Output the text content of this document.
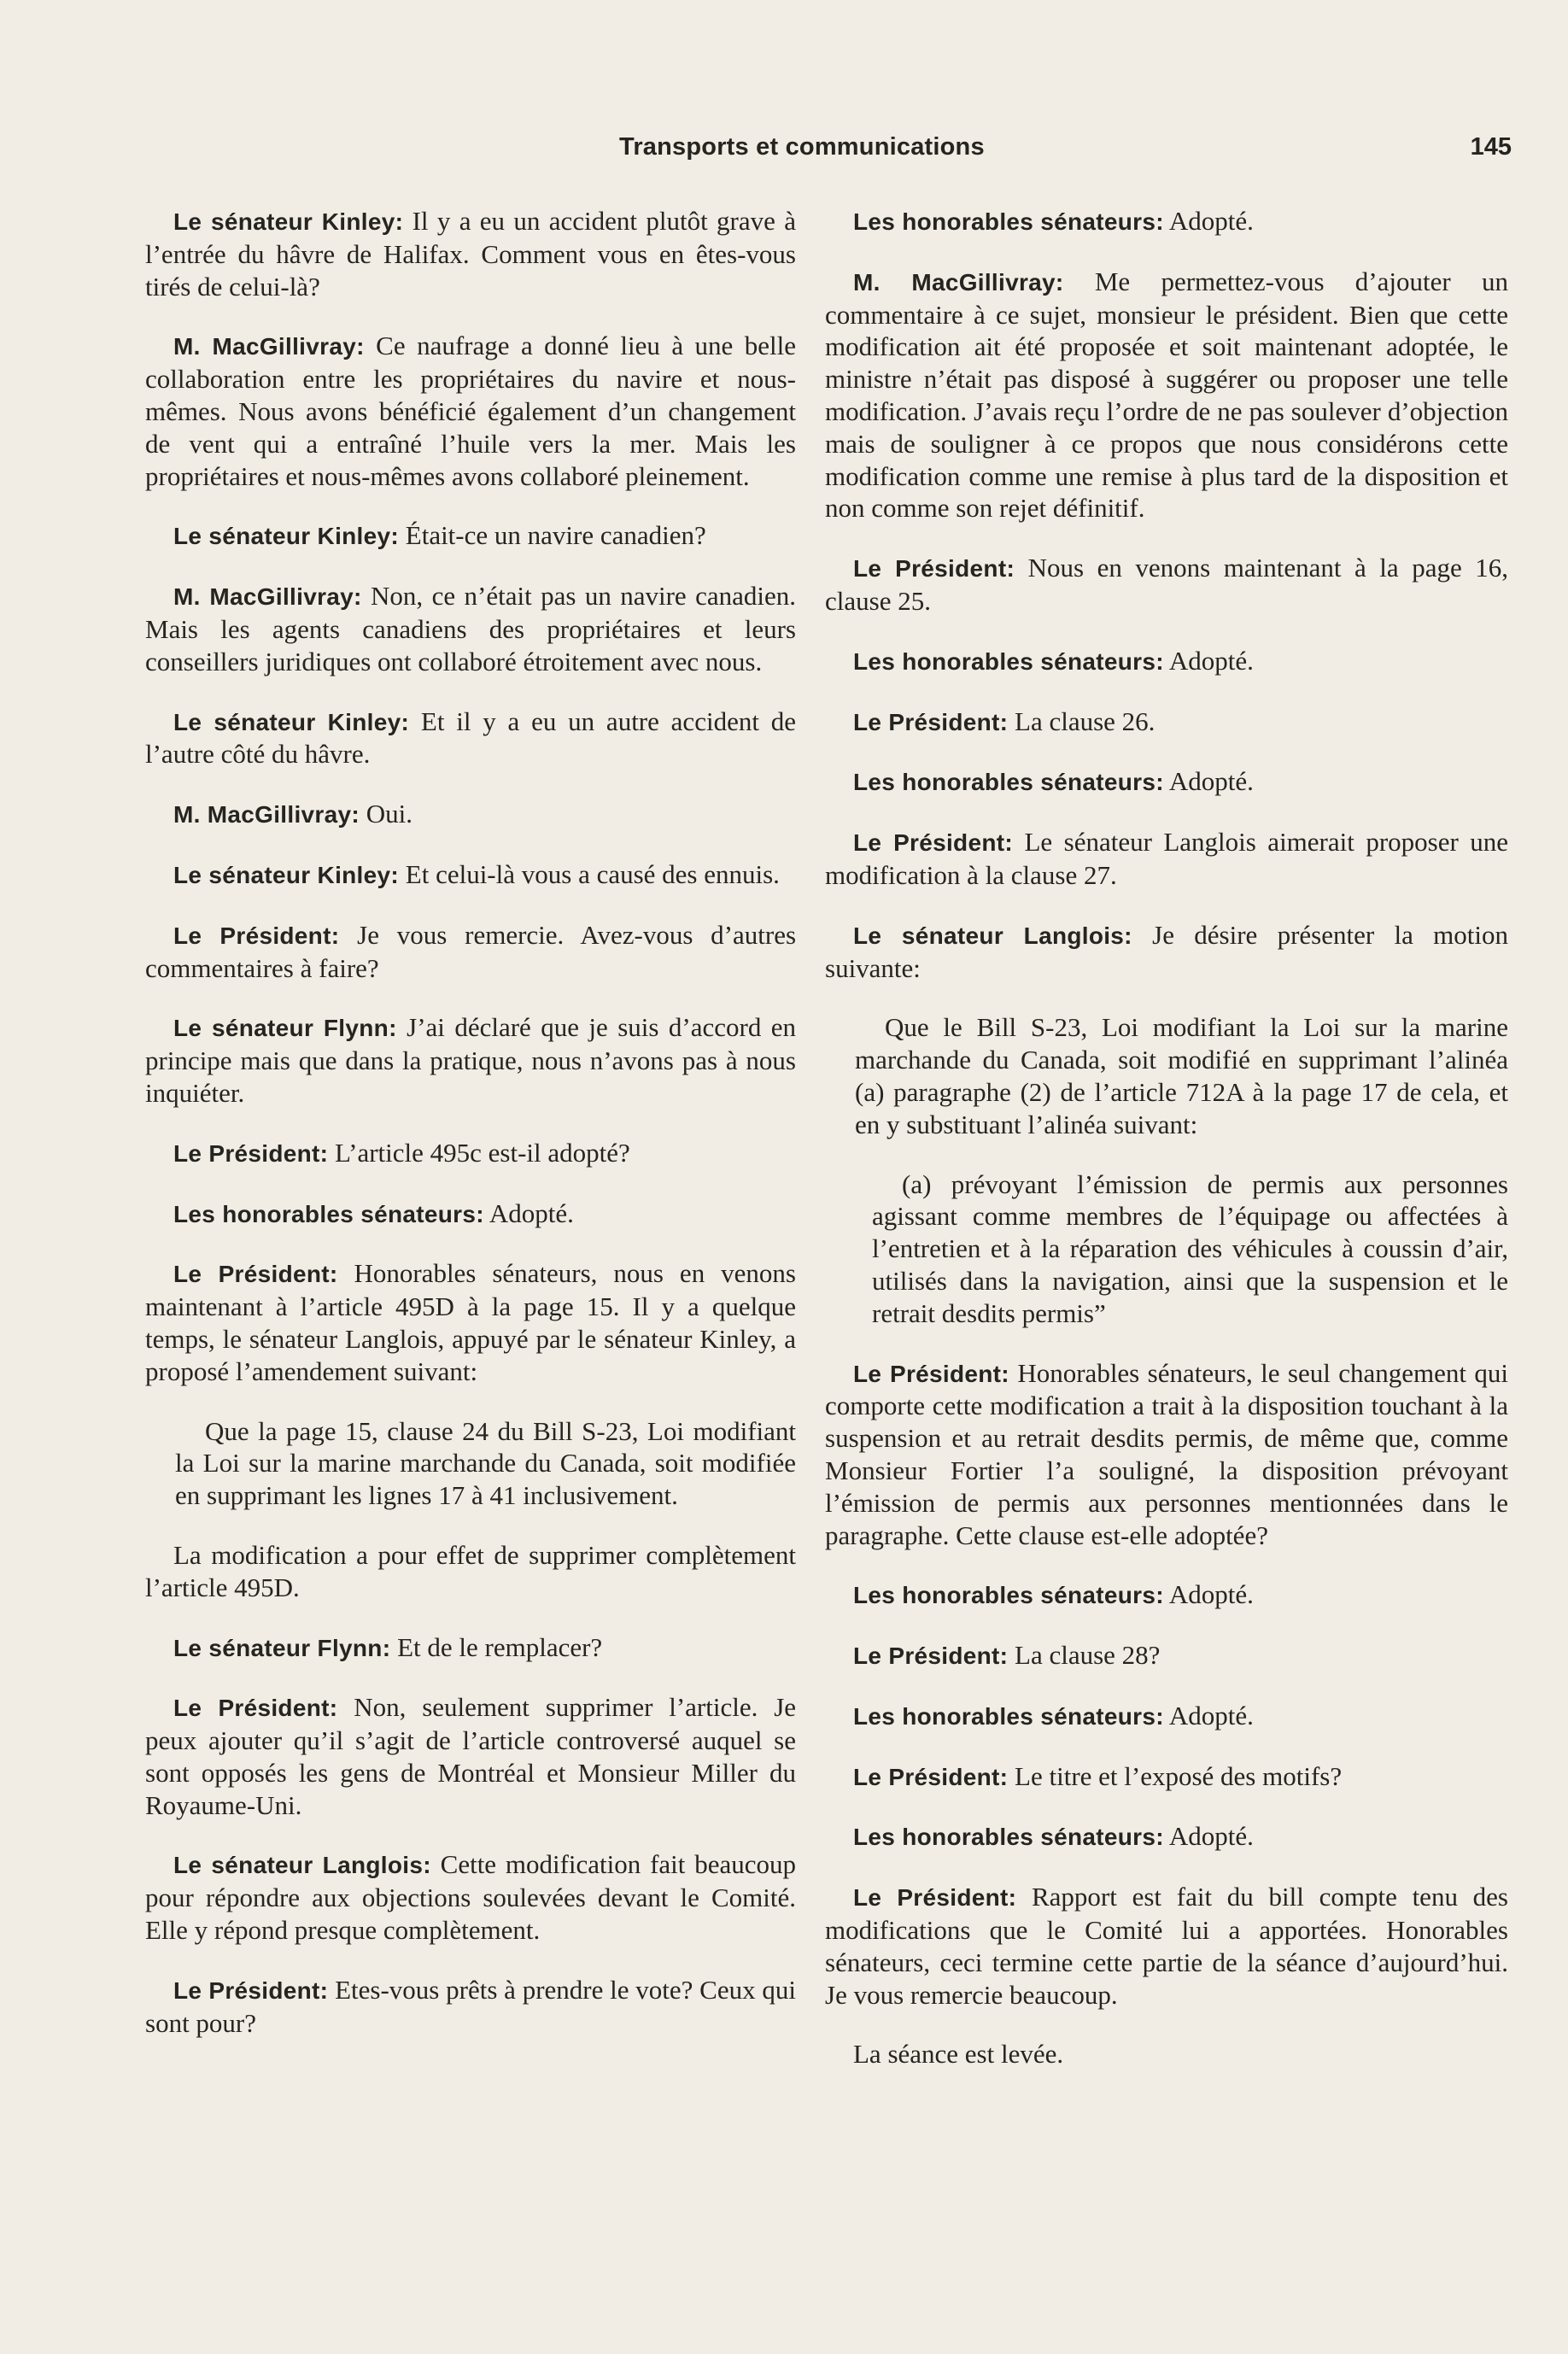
Transports et communications	145

Le sénateur Kinley: Il y a eu un accident plutôt grave à l’entrée du hâvre de Halifax. Comment vous en êtes-vous tirés de celui-là?

M. MacGillivray: Ce naufrage a donné lieu à une belle collaboration entre les propriétaires du navire et nous-mêmes. Nous avons bénéficié également d’un changement de vent qui a entraîné l’huile vers la mer. Mais les propriétaires et nous-mêmes avons collaboré pleinement.

Le sénateur Kinley: Était-ce un navire canadien?

M. MacGillivray: Non, ce n’était pas un navire canadien. Mais les agents canadiens des propriétaires et leurs conseillers juridiques ont collaboré étroitement avec nous.

Le sénateur Kinley: Et il y a eu un autre accident de l’autre côté du hâvre.

M. MacGillivray: Oui.

Le sénateur Kinley: Et celui-là vous a causé des ennuis.

Le Président: Je vous remercie. Avez-vous d’autres commentaires à faire?

Le sénateur Flynn: J’ai déclaré que je suis d’accord en principe mais que dans la pratique, nous n’avons pas à nous inquiéter.

Le Président: L’article 495c est-il adopté?

Les honorables sénateurs: Adopté.

Le Président: Honorables sénateurs, nous en venons maintenant à l’article 495D à la page 15. Il y a quelque temps, le sénateur Langlois, appuyé par le sénateur Kinley, a proposé l’amendement suivant:

Que la page 15, clause 24 du Bill S-23, Loi modifiant la Loi sur la marine marchande du Canada, soit modifiée en supprimant les lignes 17 à 41 inclusivement.

La modification a pour effet de supprimer complètement l’article 495D.

Le sénateur Flynn: Et de le remplacer?

Le Président: Non, seulement supprimer l’article. Je peux ajouter qu’il s’agit de l’article controversé auquel se sont opposés les gens de Montréal et Monsieur Miller du Royaume-Uni.

Le sénateur Langlois: Cette modification fait beaucoup pour répondre aux objections soulevées devant le Comité. Elle y répond presque complètement.

Le Président: Etes-vous prêts à prendre le vote? Ceux qui sont pour?

Les honorables sénateurs: Adopté.

M. MacGillivray: Me permettez-vous d’ajouter un commentaire à ce sujet, monsieur le président. Bien que cette modification ait été proposée et soit maintenant adoptée, le ministre n’était pas disposé à suggérer ou proposer une telle modification. J’avais reçu l’ordre de ne pas soulever d’objection mais de souligner à ce propos que nous considérons cette modification comme une remise à plus tard de la disposition et non comme son rejet définitif.

Le Président: Nous en venons maintenant à la page 16, clause 25.

Les honorables sénateurs: Adopté.

Le Président: La clause 26.

Les honorables sénateurs: Adopté.

Le Président: Le sénateur Langlois aimerait proposer une modification à la clause 27.

Le sénateur Langlois: Je désire présenter la motion suivante:

Que le Bill S-23, Loi modifiant la Loi sur la marine marchande du Canada, soit modifié en supprimant l’alinéa (a) paragraphe (2) de l’article 712A à la page 17 de cela, et en y substituant l’alinéa suivant:

(a) prévoyant l’émission de permis aux personnes agissant comme membres de l’équipage ou affectées à l’entretien et à la réparation des véhicules à coussin d’air, utilisés dans la navigation, ainsi que la suspension et le retrait desdits permis”

Le Président: Honorables sénateurs, le seul changement qui comporte cette modification a trait à la disposition touchant à la suspension et au retrait desdits permis, de même que, comme Monsieur Fortier l’a souligné, la disposition prévoyant l’émission de permis aux personnes mentionnées dans le paragraphe. Cette clause est-elle adoptée?

Les honorables sénateurs: Adopté.

Le Président: La clause 28?

Les honorables sénateurs: Adopté.

Le Président: Le titre et l’exposé des motifs?

Les honorables sénateurs: Adopté.

Le Président: Rapport est fait du bill compte tenu des modifications que le Comité lui a apportées. Honorables sénateurs, ceci termine cette partie de la séance d’aujourd’hui. Je vous remercie beaucoup.

La séance est levée.
